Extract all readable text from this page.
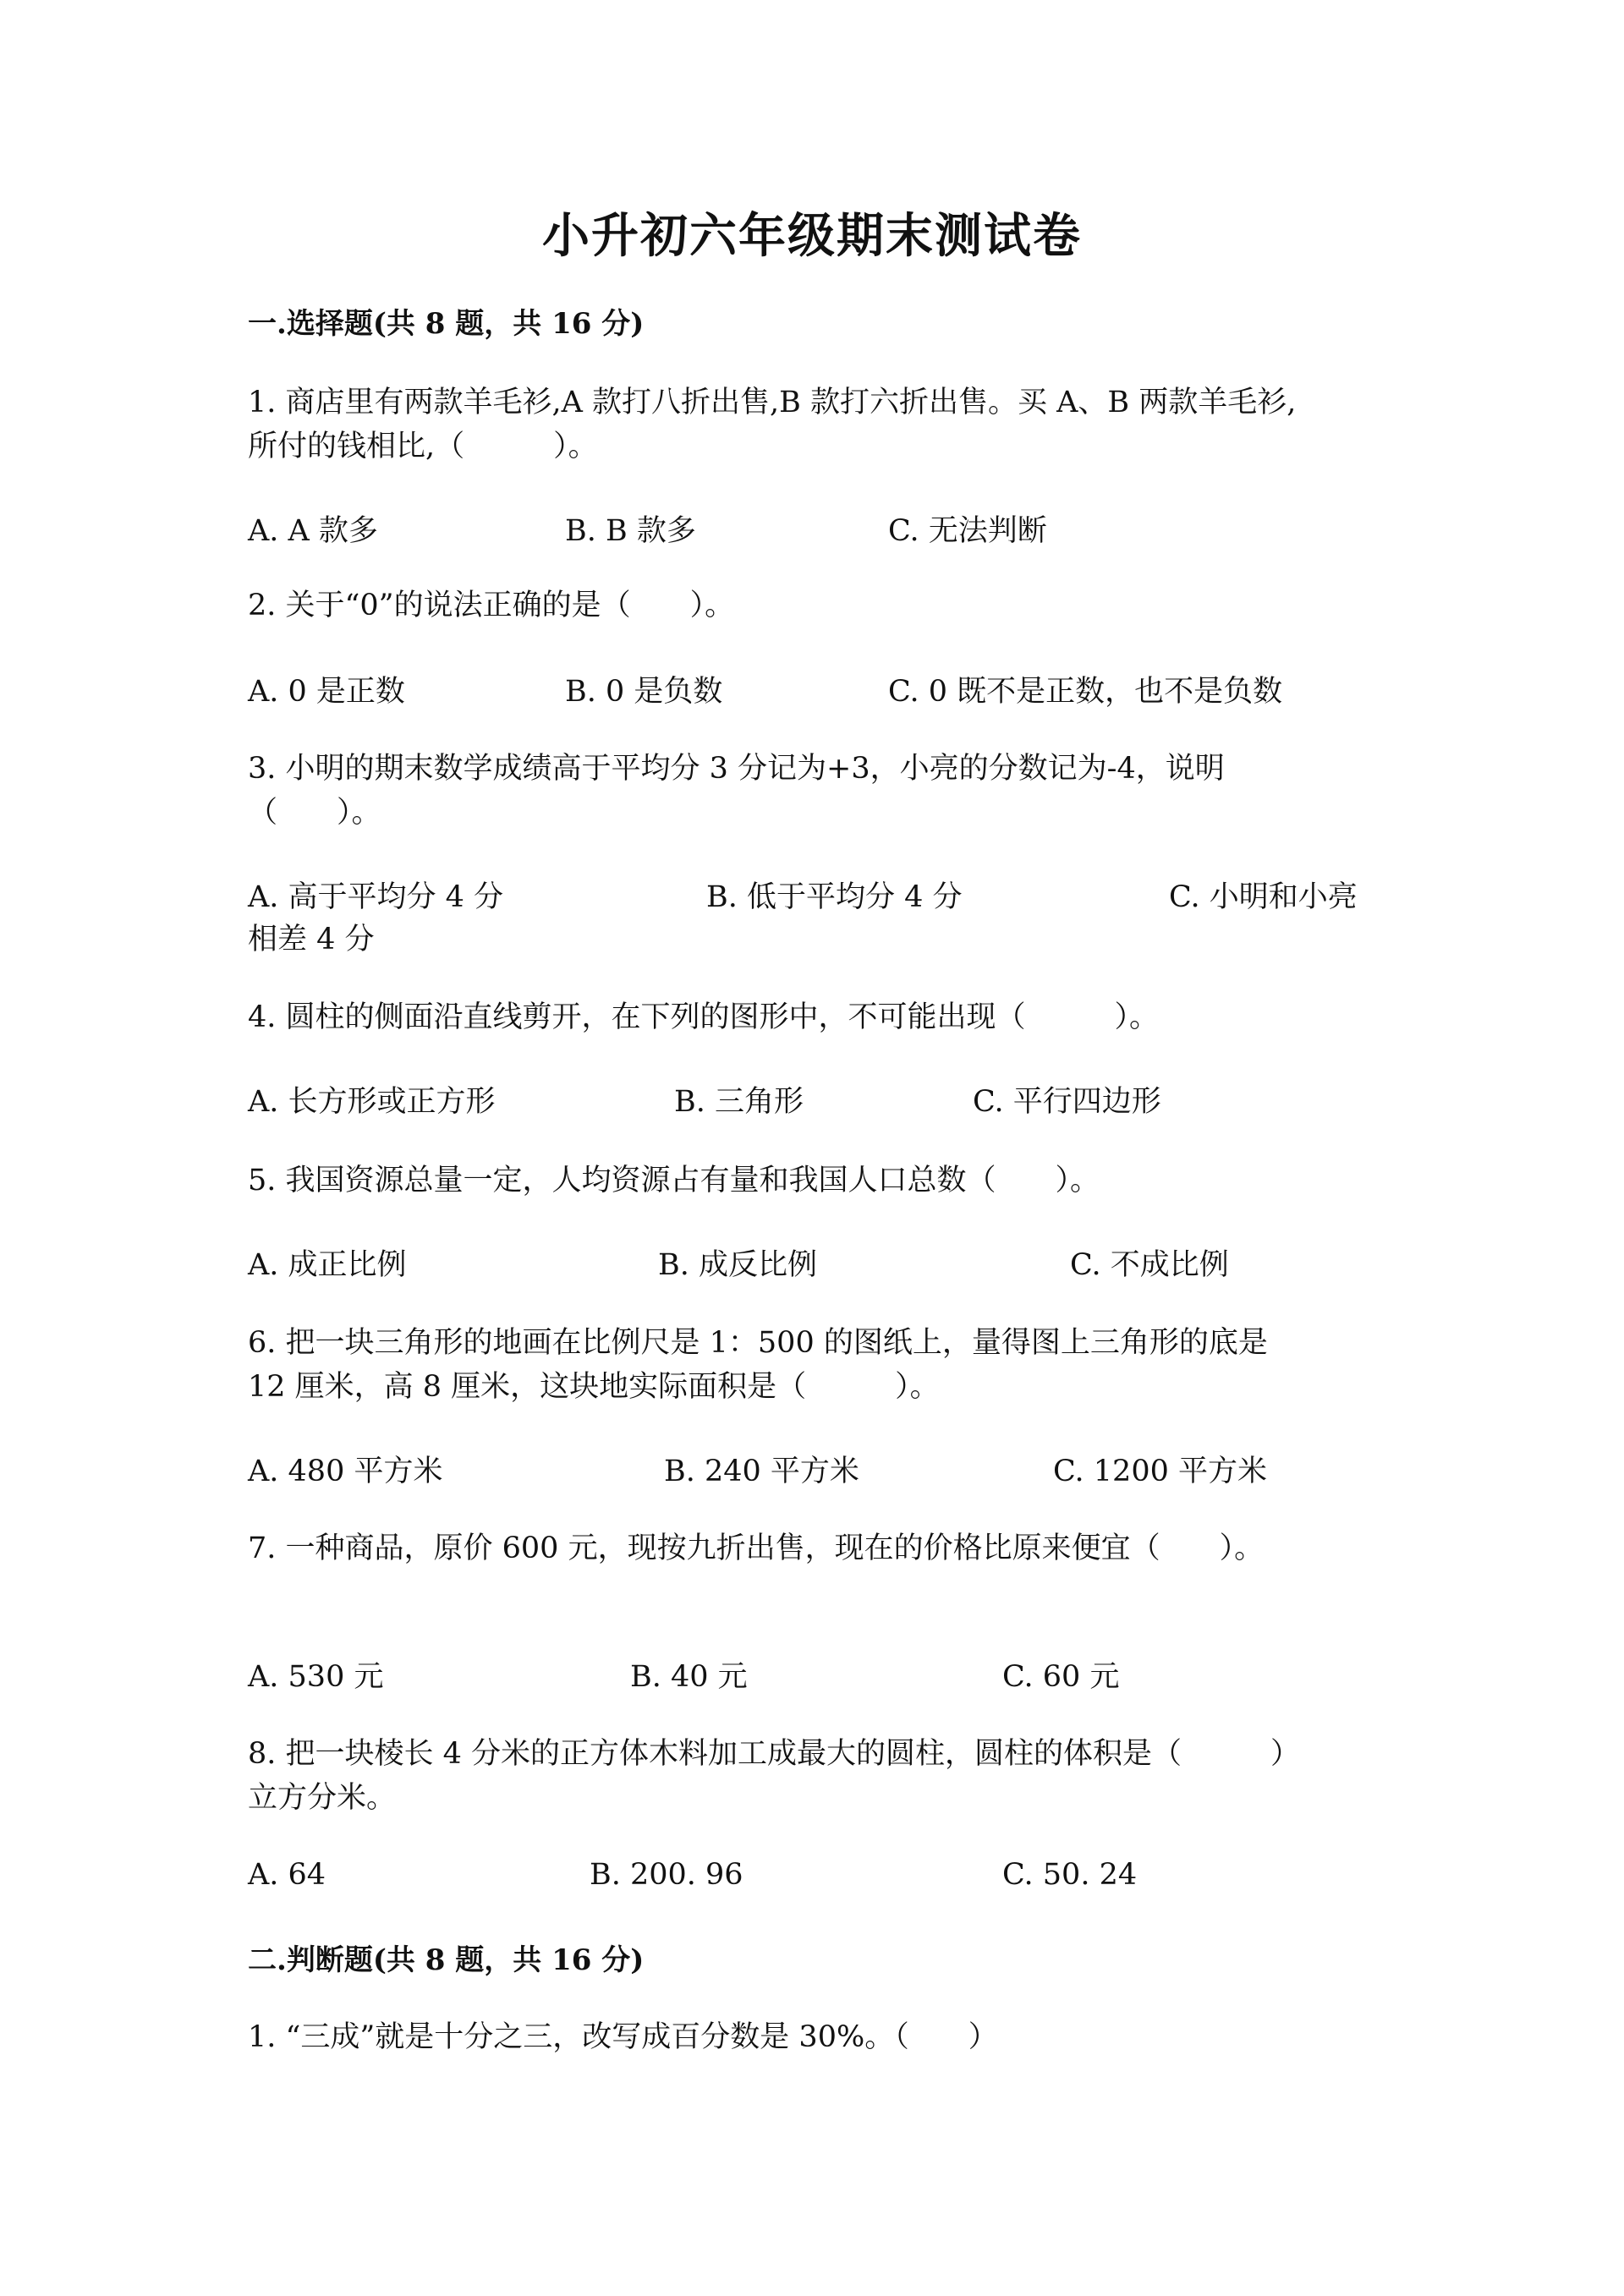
小升初六年级期末测试卷
一.选择题(共 8 题，共 16 分)
1. 商店里有两款羊毛衫,A 款打八折出售,B 款打六折出售。买 A、B 两款羊毛衫,
所付的钱相比,（　　　）。
A. A 款多	B. B 款多	C. 无法判断
2. 关于“0”的说法正确的是（　　）。
A. 0 是正数	B. 0 是负数	C. 0 既不是正数，也不是负数
3. 小明的期末数学成绩高于平均分 3 分记为+3，小亮的分数记为-4，说明
（　　）。
A. 高于平均分 4 分	B. 低于平均分 4 分	C. 小明和小亮
相差 4 分
4. 圆柱的侧面沿直线剪开，在下列的图形中，不可能出现（　　　）。
A. 长方形或正方形	B. 三角形	C. 平行四边形
5. 我国资源总量一定，人均资源占有量和我国人口总数（　　）。
A. 成正比例	B. 成反比例	C. 不成比例
6. 把一块三角形的地画在比例尺是 1：500 的图纸上，量得图上三角形的底是
12 厘米，高 8 厘米，这块地实际面积是（　　　）。
A. 480 平方米	B. 240 平方米	C. 1200 平方米
7. 一种商品，原价 600 元，现按九折出售，现在的价格比原来便宜（　　）。
A. 530 元	B. 40 元	C. 60 元
8. 把一块棱长 4 分米的正方体木料加工成最大的圆柱，圆柱的体积是（　　　）
立方分米。
A. 64	B. 200. 96	C. 50. 24
二.判断题(共 8 题，共 16 分)
1. “三成”就是十分之三，改写成百分数是 30%。（　　）
